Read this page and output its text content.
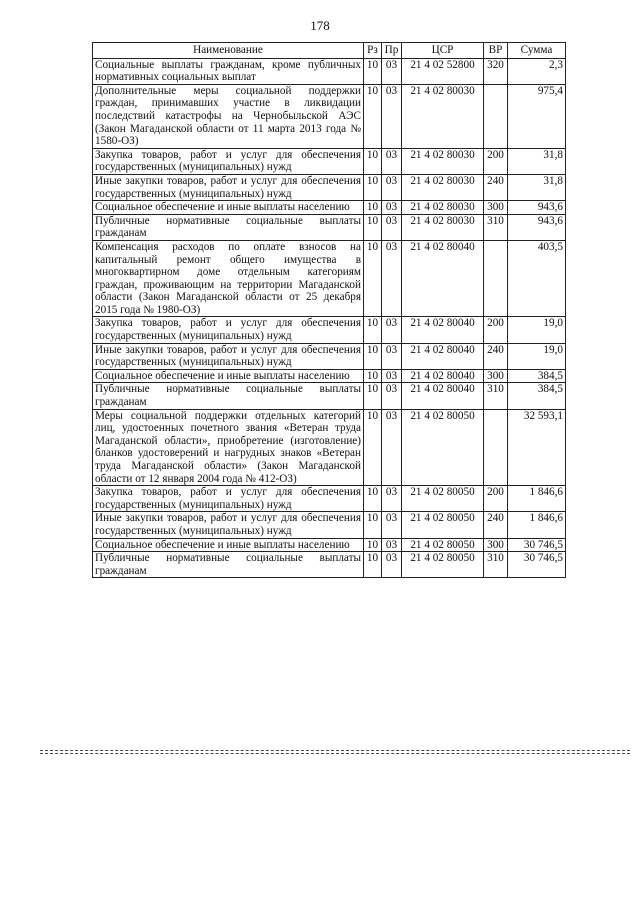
178
Наименование	Рз	Пр	ЦСР	ВР	Сумма
Социальные выплаты гражданам, кроме публичных нормативных социальных выплат	10	03	21 4 02 52800	320	2,3
Дополнительные меры социальной поддержки граждан, принимавших участие в ликвидации последствий катастрофы на Чернобыльской АЭС (Закон Магаданской области от 11 марта 2013 года № 1580-ОЗ)	10	03	21 4 02 80030		975,4
Закупка товаров, работ и услуг для обеспечения государственных (муниципальных) нужд	10	03	21 4 02 80030	200	31,8
Иные закупки товаров, работ и услуг для обеспечения государственных (муниципальных) нужд	10	03	21 4 02 80030	240	31,8
Социальное обеспечение и иные выплаты населению	10	03	21 4 02 80030	300	943,6
Публичные нормативные социальные выплаты гражданам	10	03	21 4 02 80030	310	943,6
Компенсация расходов по оплате взносов на капитальный ремонт общего имущества в многоквартирном доме отдельным категориям граждан, проживающим на территории Магаданской области (Закон Магаданской области от 25 декабря 2015 года № 1980-ОЗ)	10	03	21 4 02 80040		403,5
Закупка товаров, работ и услуг для обеспечения государственных (муниципальных) нужд	10	03	21 4 02 80040	200	19,0
Иные закупки товаров, работ и услуг для обеспечения государственных (муниципальных) нужд	10	03	21 4 02 80040	240	19,0
Социальное обеспечение и иные выплаты населению	10	03	21 4 02 80040	300	384,5
Публичные нормативные социальные выплаты гражданам	10	03	21 4 02 80040	310	384,5
Меры социальной поддержки отдельных категорий лиц, удостоенных почетного звания «Ветеран труда Магаданской области», приобретение (изготовление) бланков удостоверений и нагрудных знаков «Ветеран труда Магаданской области» (Закон Магаданской области от 12 января 2004 года № 412-ОЗ)	10	03	21 4 02 80050		32 593,1
Закупка товаров, работ и услуг для обеспечения государственных (муниципальных) нужд	10	03	21 4 02 80050	200	1 846,6
Иные закупки товаров, работ и услуг для обеспечения государственных (муниципальных) нужд	10	03	21 4 02 80050	240	1 846,6
Социальное обеспечение и иные выплаты населению	10	03	21 4 02 80050	300	30 746,5
Публичные нормативные социальные выплаты гражданам	10	03	21 4 02 80050	310	30 746,5
